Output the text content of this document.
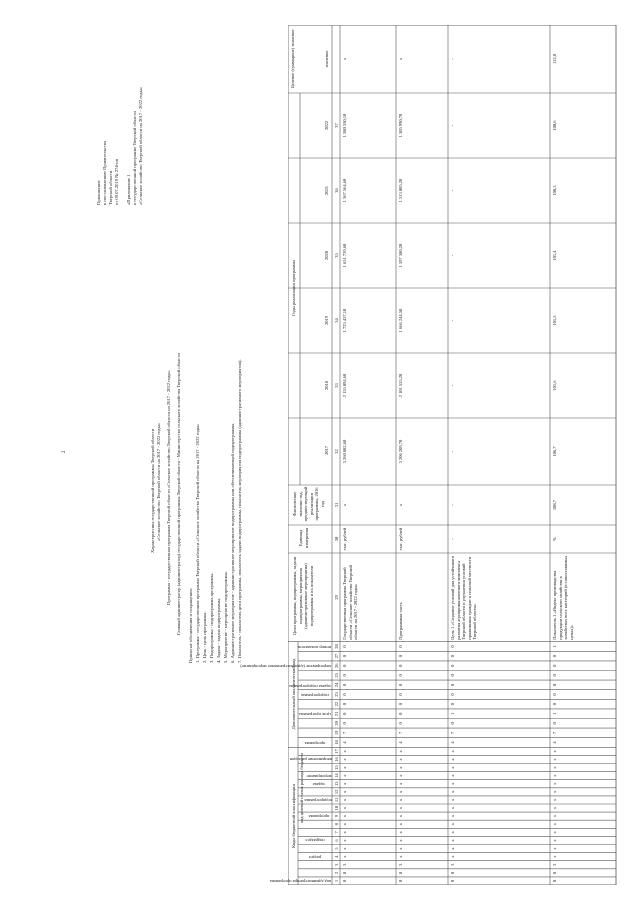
2
Приложение к постановлению Правительства Тверской области от 09.07.2019 № 274-пп «Приложение 1 к государственной программе Тверской области «Сельское хозяйство Тверской области на 2017 - 2022 годы»
Характеристика государственной программы Тверской области «Сельское хозяйство Тверской области на 2017 - 2022 годы» Программа - государственная программа Тверской области «Сельское хозяйство Тверской области на 2017 - 2022 годы» Главный администратор (администратор) государственной программы Тверской области - Министерство сельского хозяйства Тверской области Принятые обозначения и сокращения: 1. Программа - государственная программа Тверской области «Сельское хозяйство Тверской области на 2017 - 2022 годы» 2. Цель - цель программы. 3. Подпрограмма - подпрограмма программы. 4. Задача - задача подпрограммы. 5. Мероприятие - мероприятие подпрограммы. 6. Административное мероприятие - административное мероприятие подпрограммы или обеспечивающей подпрограммы. 7. Показатель - показатель цели программы, показатель задачи подпрограммы, показатель мероприятия подпрограммы (административного мероприятия).
Коды бюджетной классификации
Дополнительный аналитический код
Цели программы, подпрограммы, задачи подпрограммы, мероприятия (административные мероприятия) подпрограммы и их показатели
Единица измерения
Фактическое значение год, предшествующий реализации программы, 2016 год
Годы реализации программы
Целевое (суммарное) значение
2017
2018
2019
2020
2021
2022
значение
код администратора программы
раздел
подраздел
программа
подпрограмма
задача
мероприятие
направление расходов
код целевой статьи расхода бюджета
программа
цель программы
подпрограмма
задача подпрограммы
мероприятие (административное мероприятие)
номер показателя
1
2
3
4
5
6
7
8
9
10
11
12
13
14
15
16
17
18
19
20
21
22
23
24
25
26
27
28
29
30
31
32
33
34
35
36
37
0
8
3
x
x
x
x
x
x
x
x
x
x
x
x
x
x
4
7
0
0
0
0
0
0
0
0
0
Государственная программа Тверской области «Сельское хозяйство Тверской области на 2017 - 2022 годы»
тыс. рублей
x
3 260 882,60
2 155 894,60
1 723 457,10
1 651 739,60
1 367 564,60
1 380 350,10
x
0
8
3
x
x
x
x
x
x
x
x
x
x
x
x
x
x
4
7
0
0
0
0
0
0
0
0
0
Программная часть
тыс. рублей
x
3 206 209,70
2 101 555,20
1 666 244,50
1 597 380,20
1 313 005,20
1 305 990,70
x
0
8
3
x
x
x
x
x
x
x
x
x
x
x
x
x
x
4
7
0
1
0
0
0
0
0
0
0
Цель 1 «Создание условий для устойчивого развития агропромышленного комплекса Тверской области и улучшения условий проживания граждан в сельской местности Тверской области»
-
-
-
-
-
-
-
-
-
0
8
3
x
x
x
x
x
x
x
x
x
x
x
x
x
x
4
7
0
1
0
0
0
0
0
0
1
Показатель 1 «Индекс производства продукции сельского хозяйства в хозяйствах всех категорий (в сопоставимых ценах)»
%
108,7
106,7
101,6
101,5
101,4
100,5
100,6
112,8
